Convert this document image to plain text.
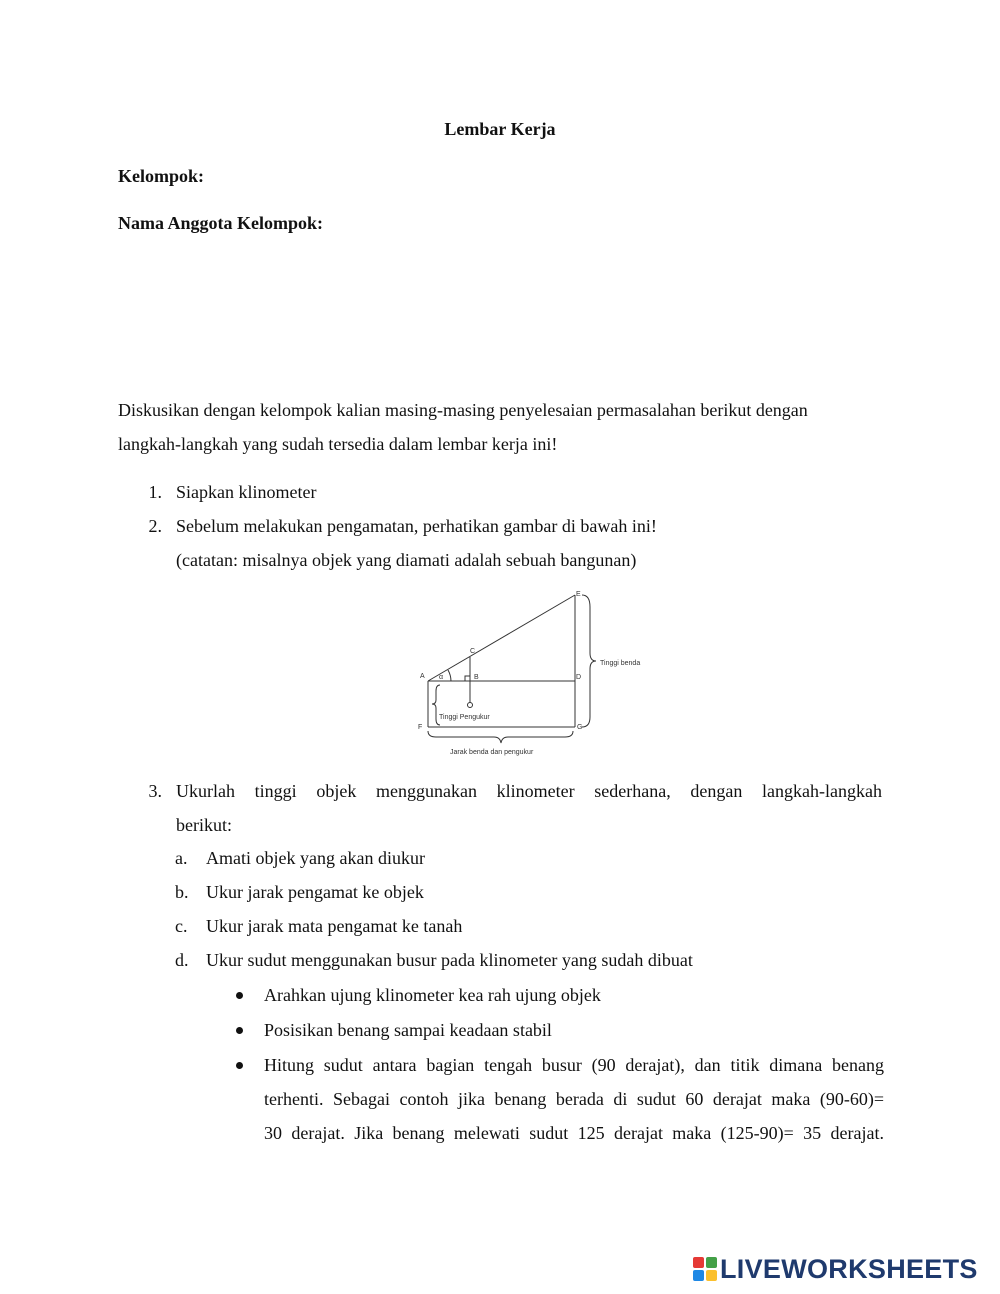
Lembar Kerja
Kelompok:
Nama Anggota Kelompok:
Diskusikan dengan kelompok kalian masing-masing penyelesaian permasalahan berikut dengan
langkah-langkah yang sudah tersedia dalam lembar kerja ini!
1. Siapkan klinometer
2. Sebelum melakukan pengamatan, perhatikan gambar di bawah ini!
(catatan: misalnya objek yang diamati adalah sebuah bangunan)
E
C
A	B	D
F	G
α
Tinggi benda
Tinggi Pengukur
Jarak benda dan pengukur
3. Ukurlah tinggi objek menggunakan klinometer sederhana, dengan langkah-langkah
berikut:
a. Amati objek yang akan diukur
b. Ukur jarak pengamat ke objek
c. Ukur jarak mata pengamat ke tanah
d. Ukur sudut menggunakan busur pada klinometer yang sudah dibuat
Arahkan ujung klinometer kea rah ujung objek
Posisikan benang sampai keadaan stabil
Hitung sudut antara bagian tengah busur (90 derajat), dan titik dimana benang
terhenti. Sebagai contoh jika benang berada di sudut 60 derajat maka (90-60)=
30 derajat. Jika benang melewati sudut 125 derajat maka (125-90)= 35 derajat.
LIVEWORKSHEETS
